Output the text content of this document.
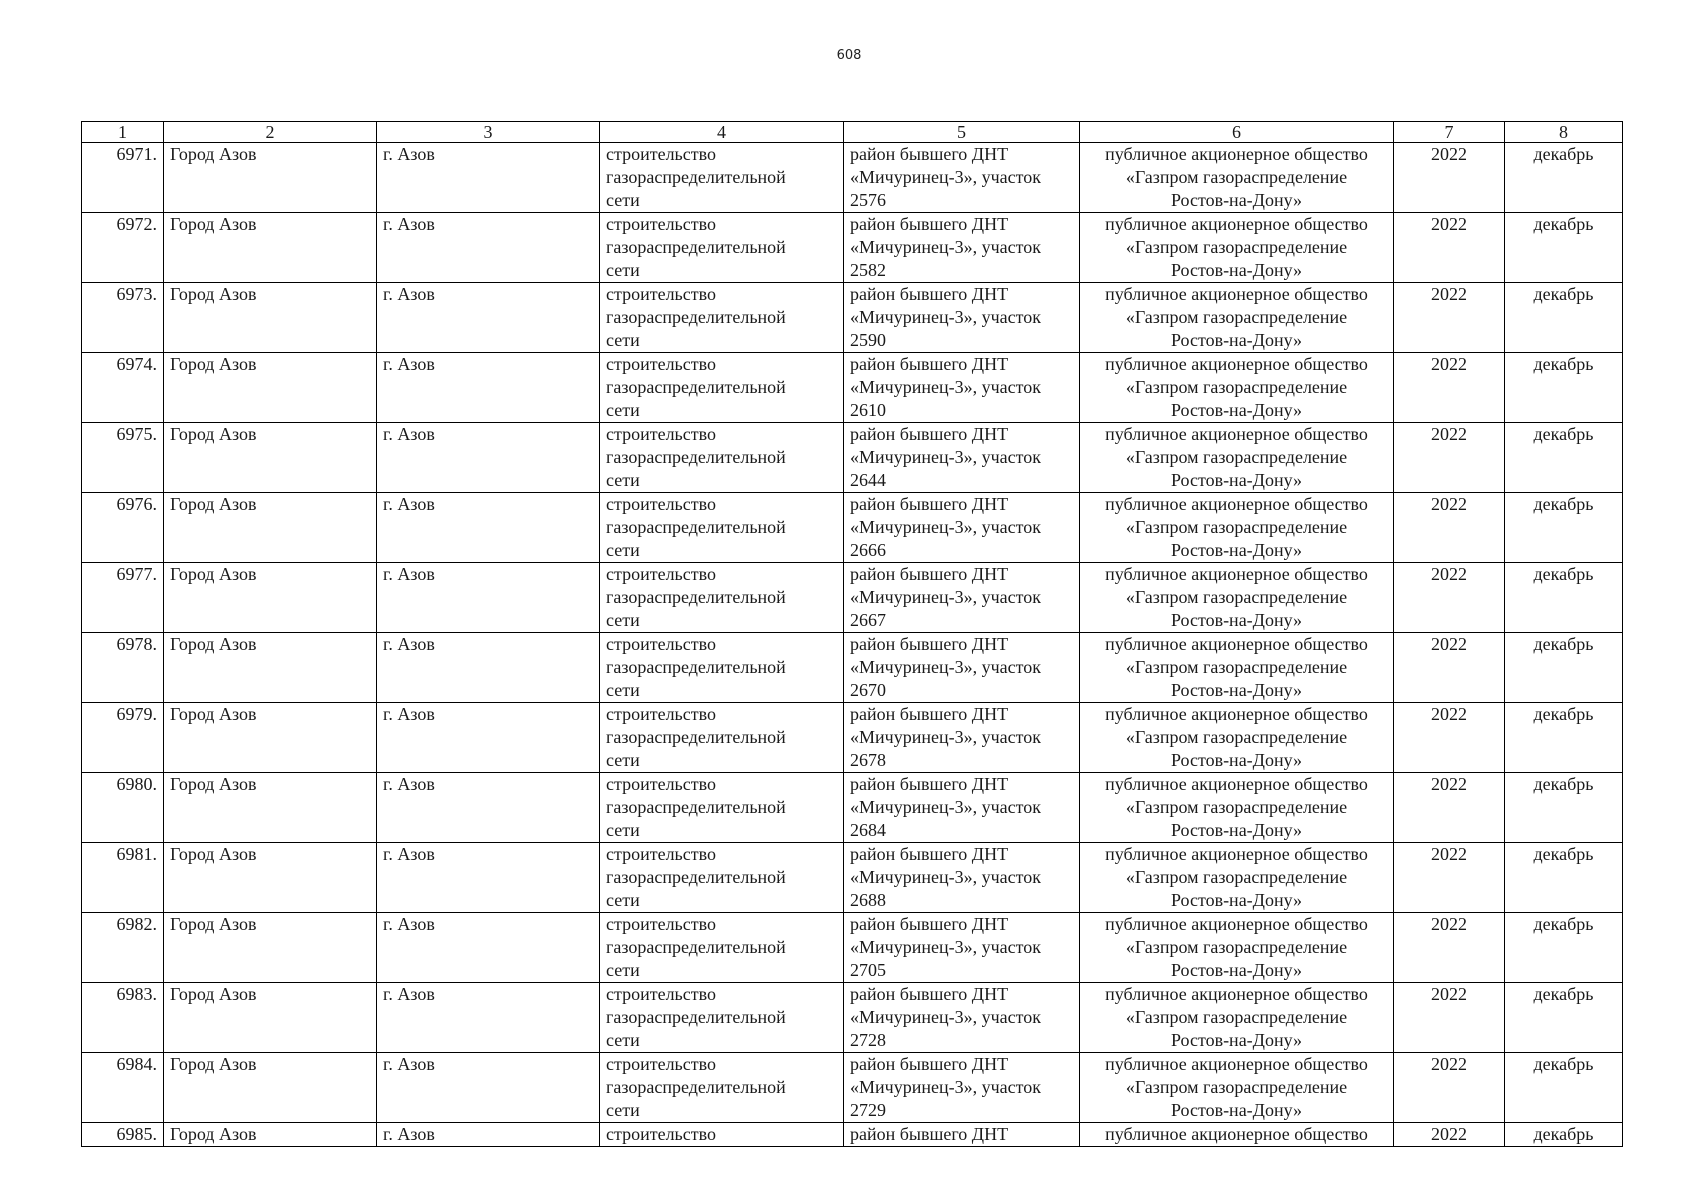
608
1	2	3	4	5	6	7	8
6971.	Город Азов	г. Азов	строительство
газораспределительной
сети	район бывшего ДНТ
«Мичуринец-3», участок
2576	публичное акционерное общество
«Газпром газораспределение
Ростов-на-Дону»	2022	декабрь
6972.	Город Азов	г. Азов	строительство
газораспределительной
сети	район бывшего ДНТ
«Мичуринец-3», участок
2582	публичное акционерное общество
«Газпром газораспределение
Ростов-на-Дону»	2022	декабрь
6973.	Город Азов	г. Азов	строительство
газораспределительной
сети	район бывшего ДНТ
«Мичуринец-3», участок
2590	публичное акционерное общество
«Газпром газораспределение
Ростов-на-Дону»	2022	декабрь
6974.	Город Азов	г. Азов	строительство
газораспределительной
сети	район бывшего ДНТ
«Мичуринец-3», участок
2610	публичное акционерное общество
«Газпром газораспределение
Ростов-на-Дону»	2022	декабрь
6975.	Город Азов	г. Азов	строительство
газораспределительной
сети	район бывшего ДНТ
«Мичуринец-3», участок
2644	публичное акционерное общество
«Газпром газораспределение
Ростов-на-Дону»	2022	декабрь
6976.	Город Азов	г. Азов	строительство
газораспределительной
сети	район бывшего ДНТ
«Мичуринец-3», участок
2666	публичное акционерное общество
«Газпром газораспределение
Ростов-на-Дону»	2022	декабрь
6977.	Город Азов	г. Азов	строительство
газораспределительной
сети	район бывшего ДНТ
«Мичуринец-3», участок
2667	публичное акционерное общество
«Газпром газораспределение
Ростов-на-Дону»	2022	декабрь
6978.	Город Азов	г. Азов	строительство
газораспределительной
сети	район бывшего ДНТ
«Мичуринец-3», участок
2670	публичное акционерное общество
«Газпром газораспределение
Ростов-на-Дону»	2022	декабрь
6979.	Город Азов	г. Азов	строительство
газораспределительной
сети	район бывшего ДНТ
«Мичуринец-3», участок
2678	публичное акционерное общество
«Газпром газораспределение
Ростов-на-Дону»	2022	декабрь
6980.	Город Азов	г. Азов	строительство
газораспределительной
сети	район бывшего ДНТ
«Мичуринец-3», участок
2684	публичное акционерное общество
«Газпром газораспределение
Ростов-на-Дону»	2022	декабрь
6981.	Город Азов	г. Азов	строительство
газораспределительной
сети	район бывшего ДНТ
«Мичуринец-3», участок
2688	публичное акционерное общество
«Газпром газораспределение
Ростов-на-Дону»	2022	декабрь
6982.	Город Азов	г. Азов	строительство
газораспределительной
сети	район бывшего ДНТ
«Мичуринец-3», участок
2705	публичное акционерное общество
«Газпром газораспределение
Ростов-на-Дону»	2022	декабрь
6983.	Город Азов	г. Азов	строительство
газораспределительной
сети	район бывшего ДНТ
«Мичуринец-3», участок
2728	публичное акционерное общество
«Газпром газораспределение
Ростов-на-Дону»	2022	декабрь
6984.	Город Азов	г. Азов	строительство
газораспределительной
сети	район бывшего ДНТ
«Мичуринец-3», участок
2729	публичное акционерное общество
«Газпром газораспределение
Ростов-на-Дону»	2022	декабрь
6985.	Город Азов	г. Азов	строительство	район бывшего ДНТ	публичное акционерное общество	2022	декабрь
